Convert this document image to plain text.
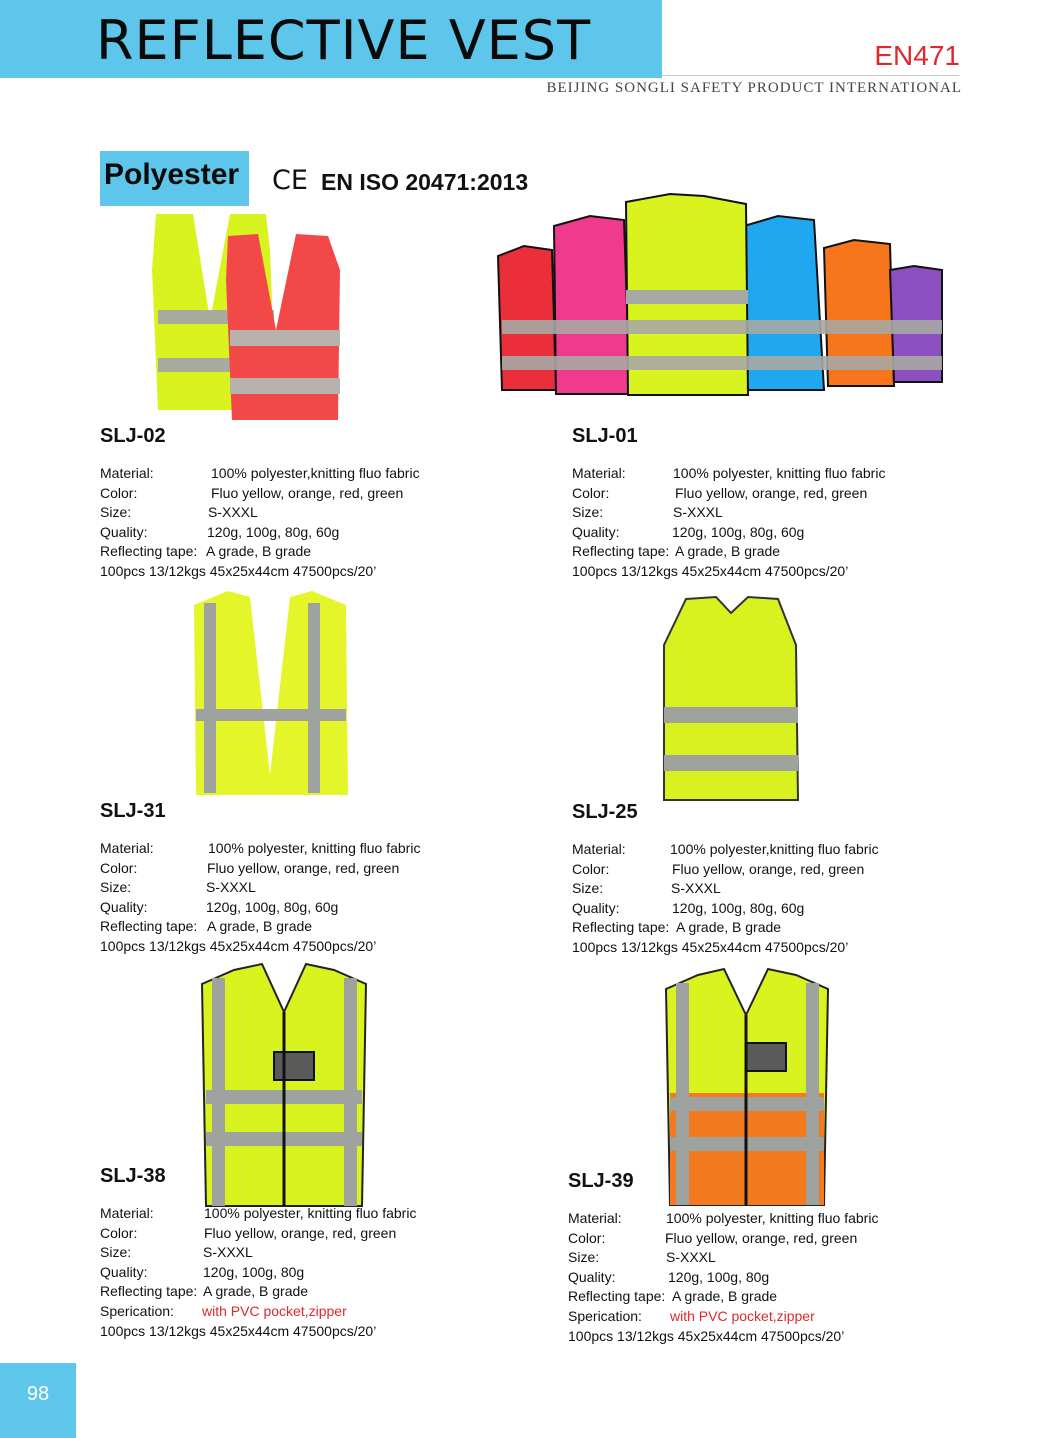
REFLECTIVE VEST	EN471
BEIJING SONGLI SAFETY PRODUCT INTERNATIONAL
Polyester CE EN ISO 20471:2013
SLJ-02
Material:	100% polyester,knitting fluo fabric
Color:	Fluo yellow, orange, red, green
Size:	S-XXXL
Quality:	120g, 100g, 80g, 60g
Reflecting tape: A grade, B grade
100pcs 13/12kgs 45x25x44cm 47500pcs/20’
SLJ-01
Material:	100% polyester, knitting fluo fabric
Color:	Fluo yellow, orange, red, green
Size:	S-XXXL
Quality:	120g, 100g, 80g, 60g
Reflecting tape: A grade, B grade
100pcs 13/12kgs 45x25x44cm 47500pcs/20’
SLJ-31
Material:	100% polyester, knitting fluo fabric
Color:	Fluo yellow, orange, red, green
Size:	S-XXXL
Quality:	120g, 100g, 80g, 60g
Reflecting tape: A grade, B grade
100pcs 13/12kgs 45x25x44cm 47500pcs/20’
SLJ-25
Material:	100% polyester,knitting fluo fabric
Color:	Fluo yellow, orange, red, green
Size:	S-XXXL
Quality:	120g, 100g, 80g, 60g
Reflecting tape: A grade, B grade
100pcs 13/12kgs 45x25x44cm 47500pcs/20’
SLJ-38
Material:	100% polyester, knitting fluo fabric
Color:	Fluo yellow, orange, red, green
Size:	S-XXXL
Quality:	120g, 100g, 80g
Reflecting tape: A grade, B grade
Sperication: with PVC pocket,zipper
100pcs 13/12kgs 45x25x44cm 47500pcs/20’
SLJ-39
Material:	100% polyester, knitting fluo fabric
Color:	Fluo yellow, orange, red, green
Size:	S-XXXL
Quality:	120g, 100g, 80g
Reflecting tape: A grade, B grade
Sperication: with PVC pocket,zipper
100pcs 13/12kgs 45x25x44cm 47500pcs/20’
98
